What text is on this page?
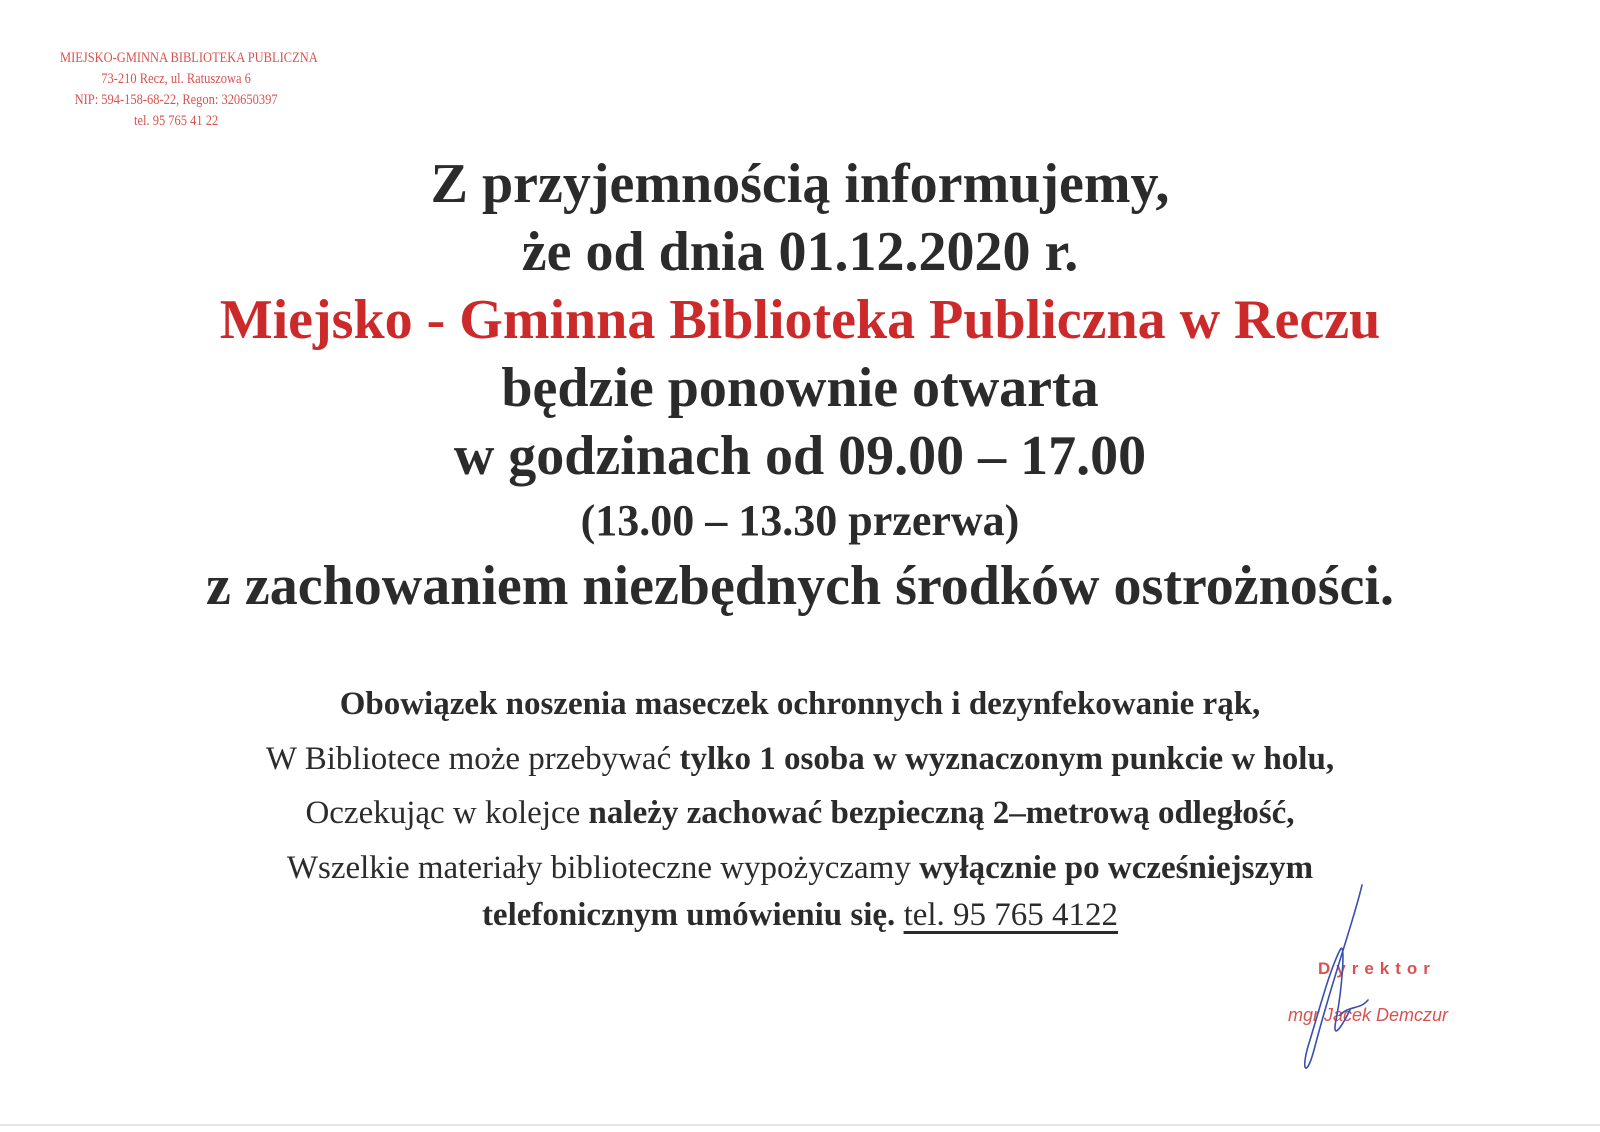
MIEJSKO-GMINNA BIBLIOTEKA PUBLICZNA
73-210 Recz, ul. Ratuszowa 6
NIP: 594-158-68-22, Regon: 320650397
tel. 95 765 41 22
Z przyjemnością informujemy,
że od dnia 01.12.2020 r.
Miejsko - Gminna Biblioteka Publiczna w Reczu
będzie ponownie otwarta
w godzinach od 09.00 – 17.00
(13.00 – 13.30 przerwa)
z zachowaniem niezbędnych środków ostrożności.
Obowiązek noszenia maseczek ochronnych i dezynfekowanie rąk,
W Bibliotece może przebywać tylko 1 osoba w wyznaczonym punkcie w holu,
Oczekując w kolejce należy zachować bezpieczną 2–metrową odległość,
Wszelkie materiały biblioteczne wypożyczamy wyłącznie po wcześniejszym
telefonicznym umówieniu się. tel. 95 765 4122
Dyrektor
mgr Jacek Demczur
